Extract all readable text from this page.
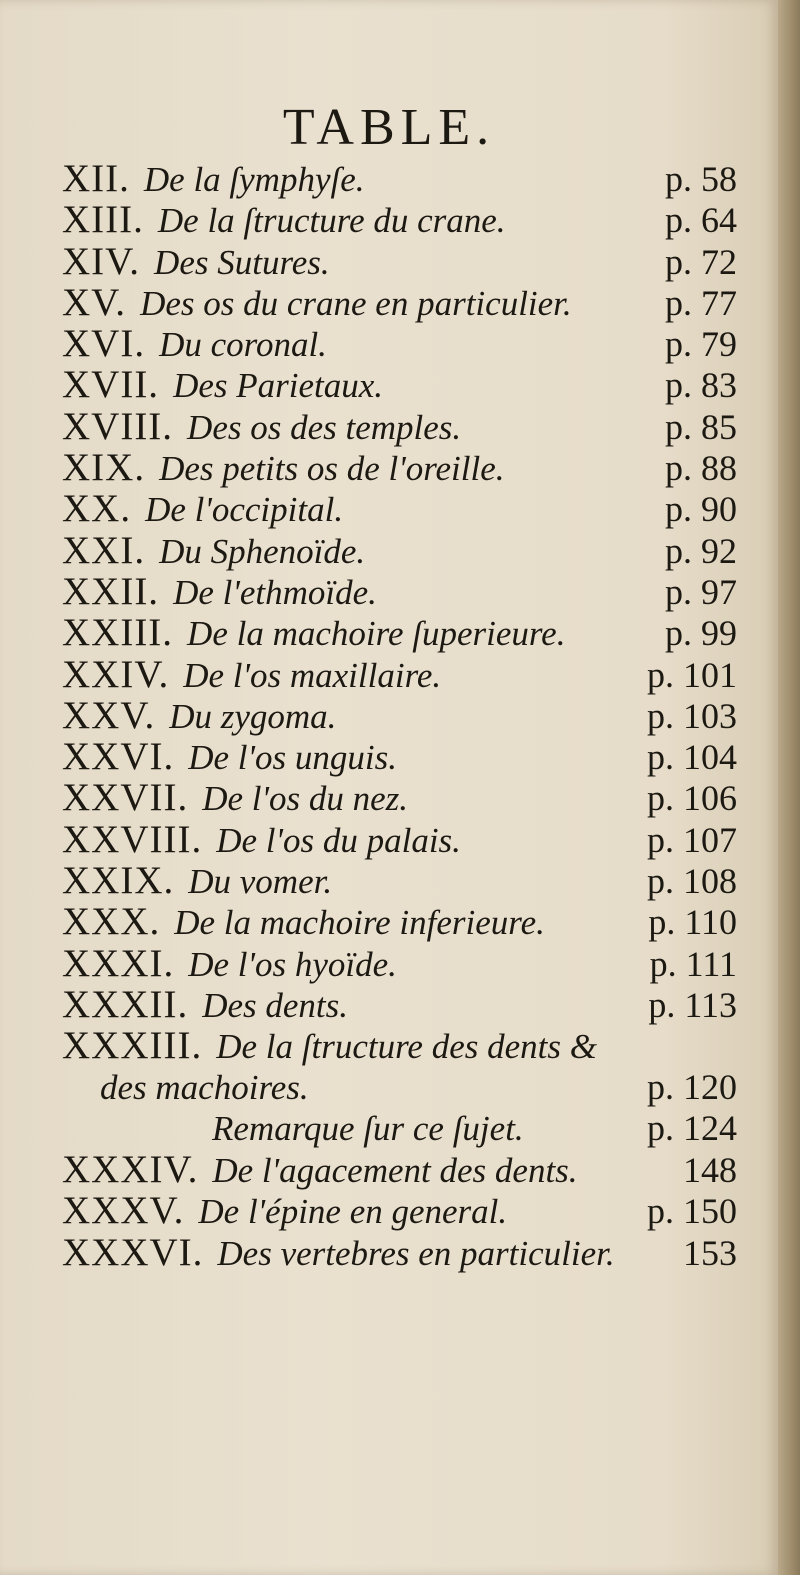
TABLE.
XII. De la ſymphyſe.	p. 58
XIII. De la ſtructure du crane.	p. 64
XIV. Des Sutures.	p. 72
XV. Des os du crane en particulier.	p. 77
XVI. Du coronal.	p. 79
XVII. Des Parietaux.	p. 83
XVIII. Des os des temples.	p. 85
XIX. Des petits os de l'oreille.	p. 88
XX. De l'occipital.	p. 90
XXI. Du Sphenoïde.	p. 92
XXII. De l'ethmoïde.	p. 97
XXIII. De la machoire ſuperieure.	p. 99
XXIV. De l'os maxillaire.	p. 101
XXV. Du zygoma.	p. 103
XXVI. De l'os unguis.	p. 104
XXVII. De l'os du nez.	p. 106
XXVIII. De l'os du palais.	p. 107
XXIX. Du vomer.	p. 108
XXX. De la machoire inferieure.	p. 110
XXXI. De l'os hyoïde.	p. 111
XXXII. Des dents.	p. 113
XXXIII. De la ſtructure des dents &
des machoires.	p. 120
Remarque ſur ce ſujet.	p. 124
XXXIV. De l'agacement des dents.	148
XXXV. De l'épine en general.	p. 150
XXXVI. Des vertebres en particulier. 153
